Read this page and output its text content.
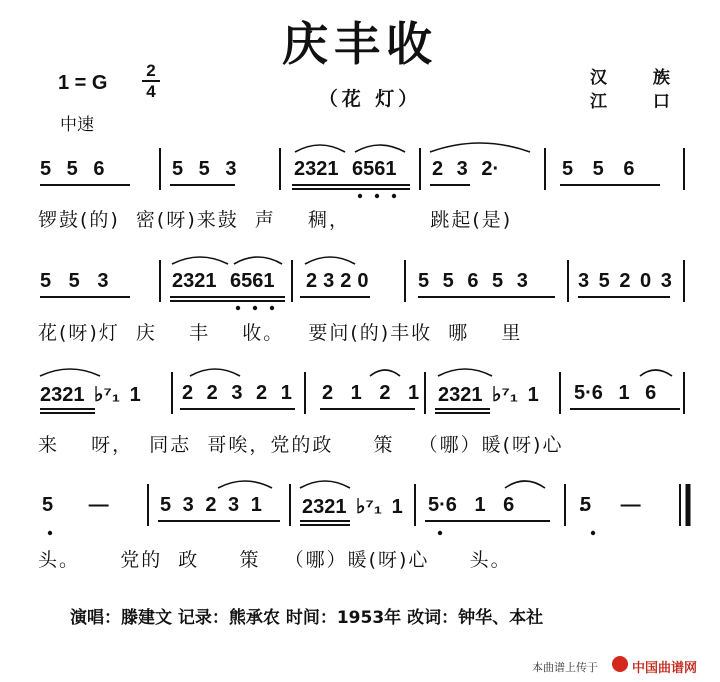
庆丰收
1 = G
2
4
中速
（花 灯）
汉 族
江 口
5 5 6	5 5 3	2321 6561 2 3 2·	5 5 6
锣鼓(的)  密(呀)来鼓  声    稠，          跳起(是)
5 5 3	2321 6561 2320 5 5 6 5 3	3 5 2 0 3
花(呀)灯  庆    丰    收。   要问(的)丰收  哪    里
2321 ♭⁷₁ 1 2 2 3 2 1 2 1 2 1 2321 ♭⁷₁ 1 5·6 1 6
来    呀，  同志  哥唉，党的政     策   （哪）暖(呀)心
5 —	5 3 2 3 1 2321 ♭⁷₁ 1 5·6 1 6	5 —
头。     党的  政     策   （哪）暖(呀)心     头。
演唱：滕建文 记录：熊承农 时间：1953年 改词：钟华、本社
本曲谱上传于	中国曲谱网
